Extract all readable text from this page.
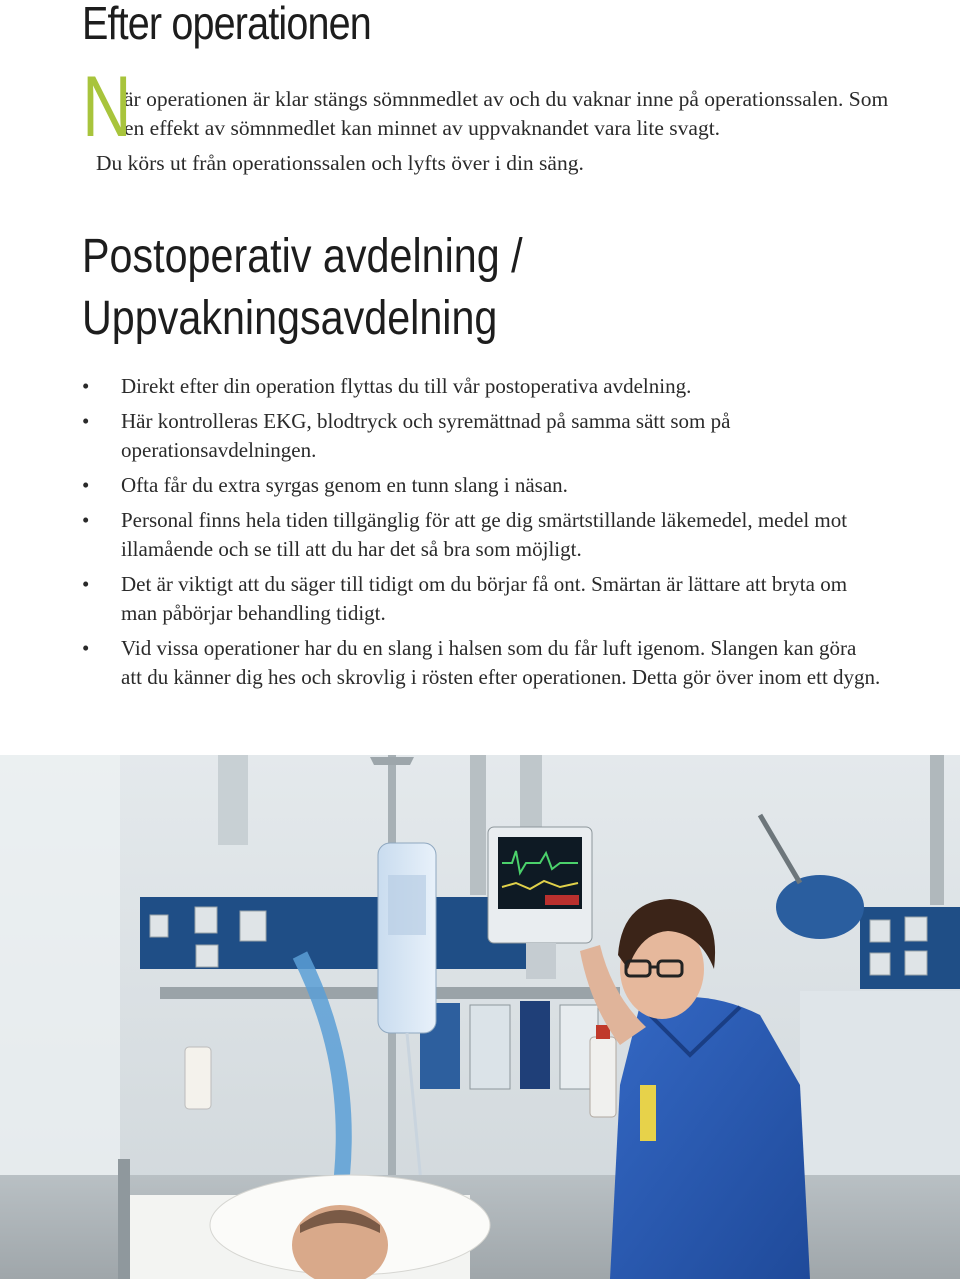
Efter operationen
N

är operationen är klar stängs sömnmedlet av och du vaknar inne på operationssalen. Som en effekt av sömnmedlet kan minnet av uppvaknandet vara lite svagt.

Du körs ut från operationssalen och lyfts över i din säng.

Postoperativ avdelning /
Uppvakningsavdelning
• Direkt efter din operation flyttas du till vår postoperativa avdelning.
• Här kontrolleras EKG, blodtryck och syremättnad på samma sätt som på operationsavdelningen.
• Ofta får du extra syrgas genom en tunn slang i näsan.
• Personal finns hela tiden tillgänglig för att ge dig smärtstillande läkemedel, medel mot illamående och se till att du har det så bra som möjligt.
• Det är viktigt att du säger till tidigt om du börjar få ont. Smärtan är lättare att bryta om man påbörjar behandling tidigt.
• Vid vissa operationer har du en slang i halsen som du får luft igenom. Slangen kan göra att du känner dig hes och skrovlig i rösten efter operationen. Detta gör över inom ett dygn.
